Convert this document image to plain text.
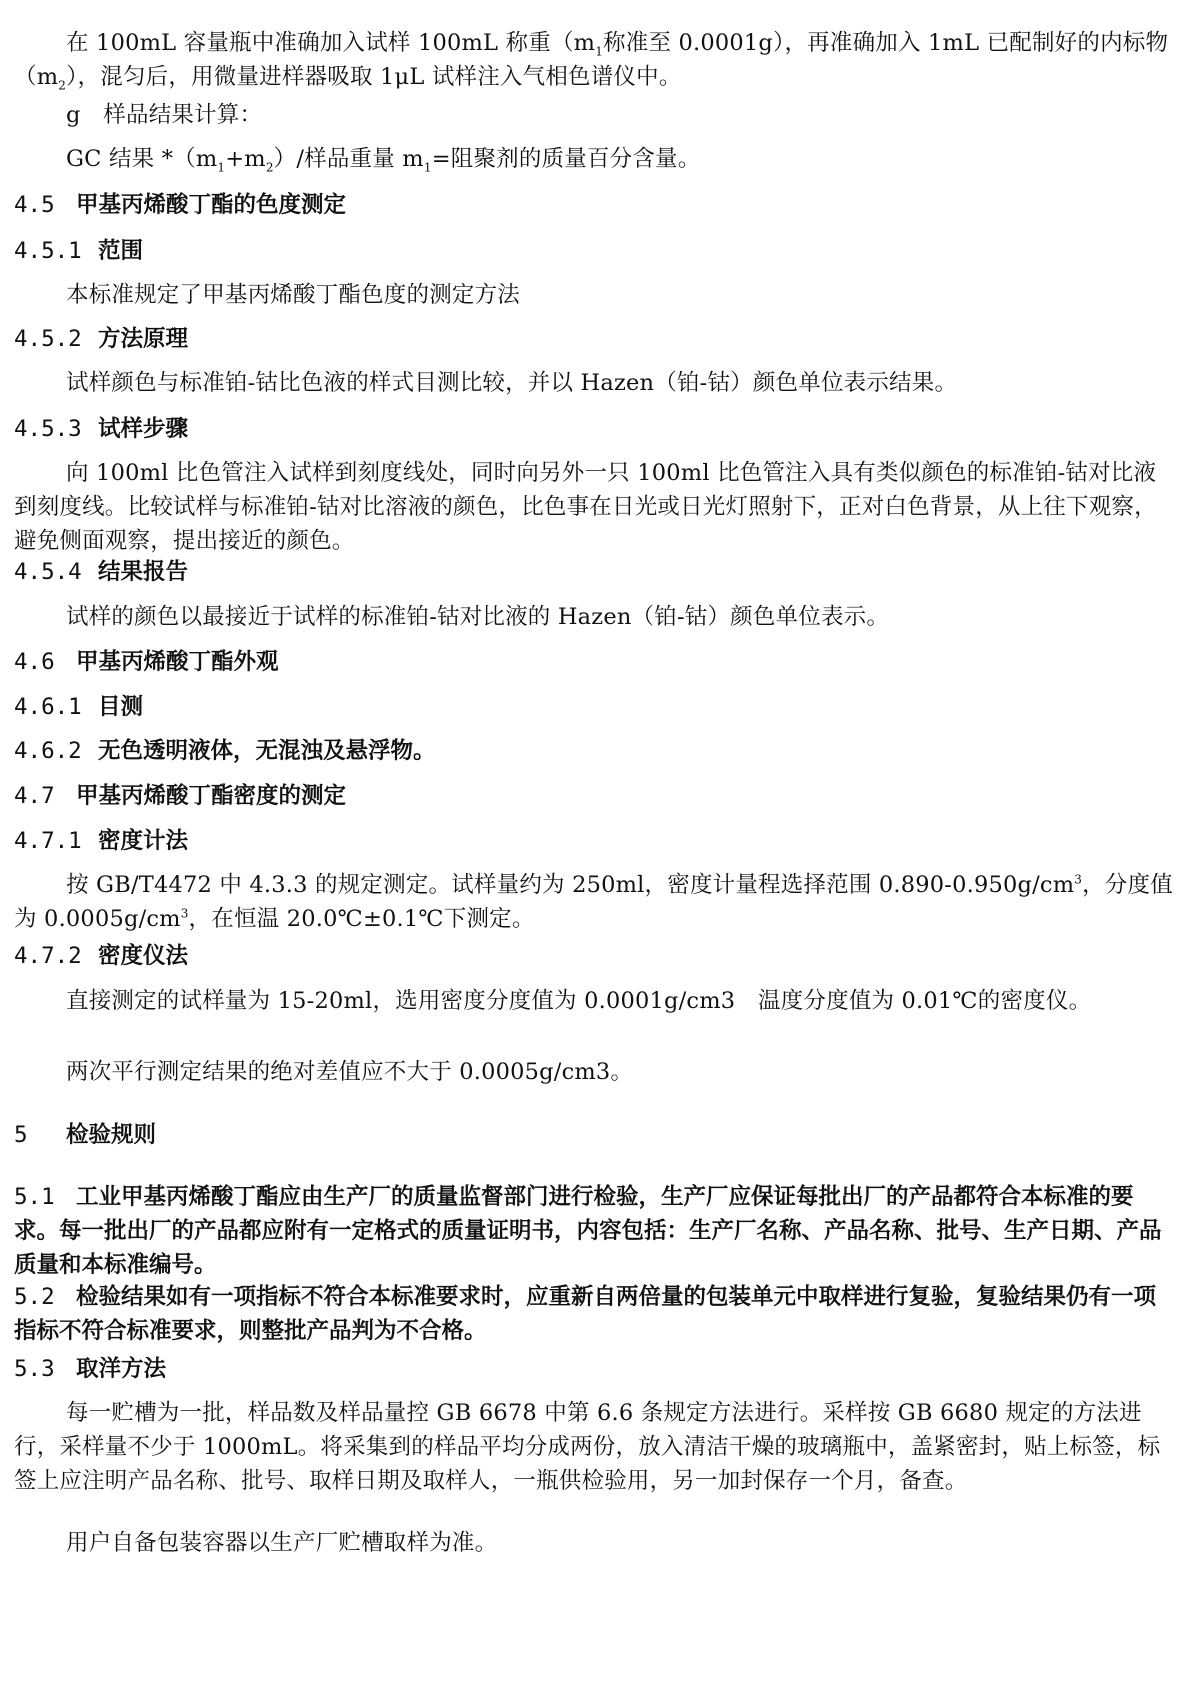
在 100mL 容量瓶中准确加入试样 100mL 称重（$m_1$称准至 0.0001g），再准确加入 1mL 已配制好的内标物$(m_2)$，混匀后，用微量进样器吸取 1μL 试样注入气相色谱仪中。

g　样品结果计算：

GC 结果 $*(m_1+m_2)/$样品重量 $m_1=$阻聚剂的质量百分含量。

4.5 甲基丙烯酸丁酯的色度测定
4.5.1 范围

本标准规定了甲基丙烯酸丁酯色度的测定方法

4.5.2 方法原理

试样颜色与标准铂-钴比色液的样式目测比较，并以 Hazen（铂-钴）颜色单位表示结果。

4.5.3 试样步骤

向 100ml 比色管注入试样到刻度线处，同时向另外一只 100ml 比色管注入具有类似颜色的标准铂-钴对比液到刻度线。比较试样与标准铂-钴对比溶液的颜色，比色事在日光或日光灯照射下，正对白色背景，从上往下观察，避免侧面观察，提出接近的颜色。

4.5.4 结果报告

试样的颜色以最接近于试样的标准铂-钴对比液的 Hazen（铂-钴）颜色单位表示。

4.6 甲基丙烯酸丁酯外观
4.6.1 目测
4.6.2 无色透明液体，无混浊及悬浮物。
4.7 甲基丙烯酸丁酯密度的测定
4.7.1 密度计法

按 GB/T4472 中 4.3.3 的规定测定。试样量约为 250ml，密度计量程选择范围 $0.890-0.950g/cm^3$，分度值为 $0.0005g/cm^3$，在恒温 20.0℃±0.1℃下测定。

4.7.2 密度仪法

直接测定的试样量为 15-20ml，选用密度分度值为 0.0001g/cm3　温度分度值为 0.01℃的密度仪。

两次平行测定结果的绝对差值应不大于 0.0005g/cm3。

5 检验规则

5.1 工业甲基丙烯酸丁酯应由生产厂的质量监督部门进行检验，生产厂应保证每批出厂的产品都符合本标准的要求。每一批出厂的产品都应附有一定格式的质量证明书，内容包括：生产厂名称、产品名称、批号、生产日期、产品质量和本标准编号。

5.2 检验结果如有一项指标不符合本标准要求时，应重新自两倍量的包装单元中取样进行复验，复验结果仍有一项指标不符合标准要求，则整批产品判为不合格。

5.3 取洋方法

每一贮槽为一批，样品数及样品量控 GB 6678 中第 6.6 条规定方法进行。采样按 GB 6680 规定的方法进行，采样量不少于 1000mL。将采集到的样品平均分成两份，放入清洁干燥的玻璃瓶中，盖紧密封，贴上标签，标签上应注明产品名称、批号、取样日期及取样人，一瓶供检验用，另一加封保存一个月，备查。

用户自备包装容器以生产厂贮槽取样为准。
